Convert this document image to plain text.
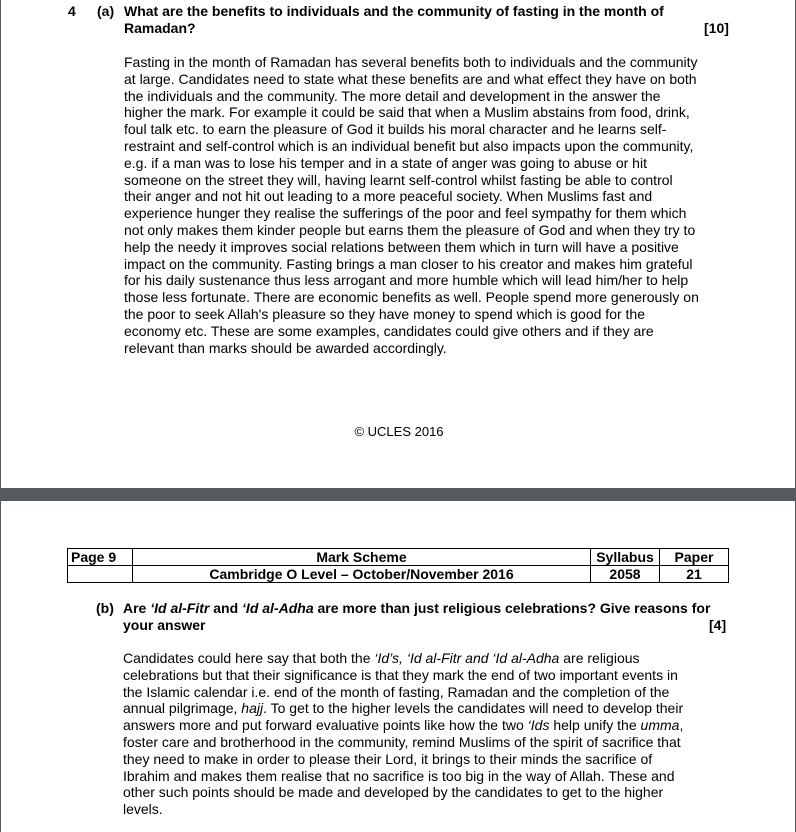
4 (a) What are the benefits to individuals and the community of fasting in the month of
Ramadan?	[10]
Fasting in the month of Ramadan has several benefits both to individuals and the community
at large. Candidates need to state what these benefits are and what effect they have on both
the individuals and the community. The more detail and development in the answer the
higher the mark. For example it could be said that when a Muslim abstains from food, drink,
foul talk etc. to earn the pleasure of God it builds his moral character and he learns self-
restraint and self-control which is an individual benefit but also impacts upon the community,
e.g. if a man was to lose his temper and in a state of anger was going to abuse or hit
someone on the street they will, having learnt self-control whilst fasting be able to control
their anger and not hit out leading to a more peaceful society. When Muslims fast and
experience hunger they realise the sufferings of the poor and feel sympathy for them which
not only makes them kinder people but earns them the pleasure of God and when they try to
help the needy it improves social relations between them which in turn will have a positive
impact on the community. Fasting brings a man closer to his creator and makes him grateful
for his daily sustenance thus less arrogant and more humble which will lead him/her to help
those less fortunate. There are economic benefits as well. People spend more generously on
the poor to seek Allah's pleasure so they have money to spend which is good for the
economy etc. These are some examples, candidates could give others and if they are
relevant than marks should be awarded accordingly.
© UCLES 2016
Page 9	Mark Scheme	Syllabus	Paper
	Cambridge O Level – October/November 2016	2058	21
(b) Are ‘Id al-Fitr and ‘Id al-Adha are more than just religious celebrations? Give reasons for
your answer	[4]
Candidates could here say that both the ‘Id’s, ‘Id al-Fitr and ‘Id al-Adha are religious
celebrations but that their significance is that they mark the end of two important events in
the Islamic calendar i.e. end of the month of fasting, Ramadan and the completion of the
annual pilgrimage, hajj. To get to the higher levels the candidates will need to develop their
answers more and put forward evaluative points like how the two ‘Ids help unify the umma,
foster care and brotherhood in the community, remind Muslims of the spirit of sacrifice that
they need to make in order to please their Lord, it brings to their minds the sacrifice of
Ibrahim and makes them realise that no sacrifice is too big in the way of Allah. These and
other such points should be made and developed by the candidates to get to the higher
levels.
